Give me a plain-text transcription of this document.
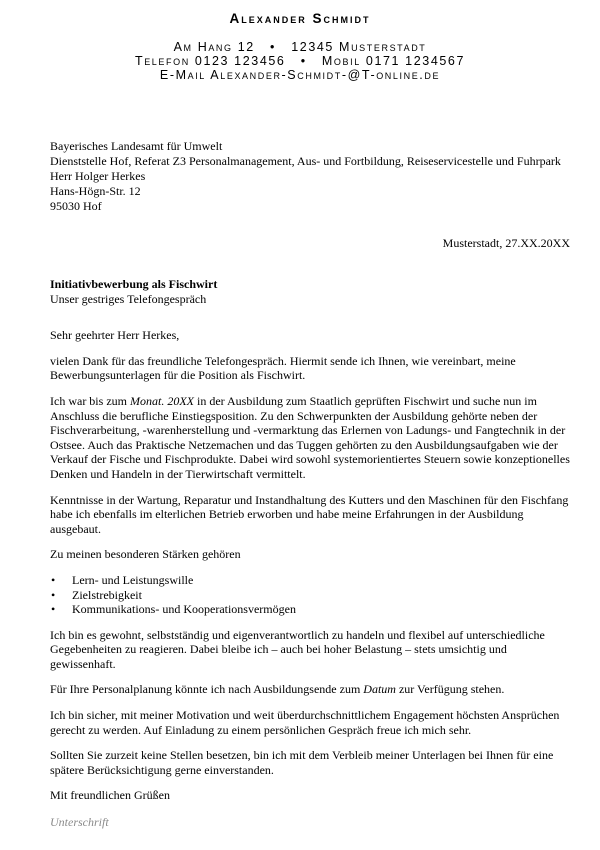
Alexander Schmidt
Am Hang 12   •   12345 Musterstadt
Telefon 0123 123456   •   Mobil 0171 1234567
E-Mail Alexander-Schmidt-@T-online.de
Bayerisches Landesamt für Umwelt
Dienststelle Hof, Referat Z3 Personalmanagement, Aus- und Fortbildung, Reiseservicestelle und Fuhrpark
Herr Holger Herkes
Hans-Högn-Str. 12
95030 Hof
Musterstadt, 27.XX.20XX
Initiativbewerbung als Fischwirt
Unser gestriges Telefongespräch

Sehr geehrter Herr Herkes,

vielen Dank für das freundliche Telefongespräch. Hiermit sende ich Ihnen, wie vereinbart, meine Bewerbungsunterlagen für die Position als Fischwirt.

Ich war bis zum Monat. 20XX in der Ausbildung zum Staatlich geprüften Fischwirt und suche nun im Anschluss die berufliche Einstiegsposition. Zu den Schwerpunkten der Ausbildung gehörte neben der Fischverarbeitung, -warenherstellung und -vermarktung das Erlernen von Ladungs- und Fangtechnik in der Ostsee. Auch das Praktische Netzemachen und das Tuggen gehörten zu den Ausbildungsaufgaben wie der Verkauf der Fische und Fischprodukte. Dabei wird sowohl systemorientiertes Steuern sowie konzeptionelles Denken und Handeln in der Tierwirtschaft vermittelt.

Kenntnisse in der Wartung, Reparatur und Instandhaltung des Kutters und den Maschinen für den Fischfang habe ich ebenfalls im elterlichen Betrieb erworben und habe meine Erfahrungen in der Ausbildung ausgebaut.

Zu meinen besonderen Stärken gehören

• Lern- und Leistungswille
• Zielstrebigkeit
• Kommunikations- und Kooperationsvermögen

Ich bin es gewohnt, selbstständig und eigenverantwortlich zu handeln und flexibel auf unterschiedliche Gegebenheiten zu reagieren. Dabei bleibe ich – auch bei hoher Belastung – stets umsichtig und gewissenhaft.

Für Ihre Personalplanung könnte ich nach Ausbildungsende zum Datum zur Verfügung stehen.

Ich bin sicher, mit meiner Motivation und weit überdurchschnittlichem Engagement höchsten Ansprüchen gerecht zu werden. Auf Einladung zu einem persönlichen Gespräch freue ich mich sehr.

Sollten Sie zurzeit keine Stellen besetzen, bin ich mit dem Verbleib meiner Unterlagen bei Ihnen für eine spätere Berücksichtigung gerne einverstanden.

Mit freundlichen Grüßen
Unterschrift
